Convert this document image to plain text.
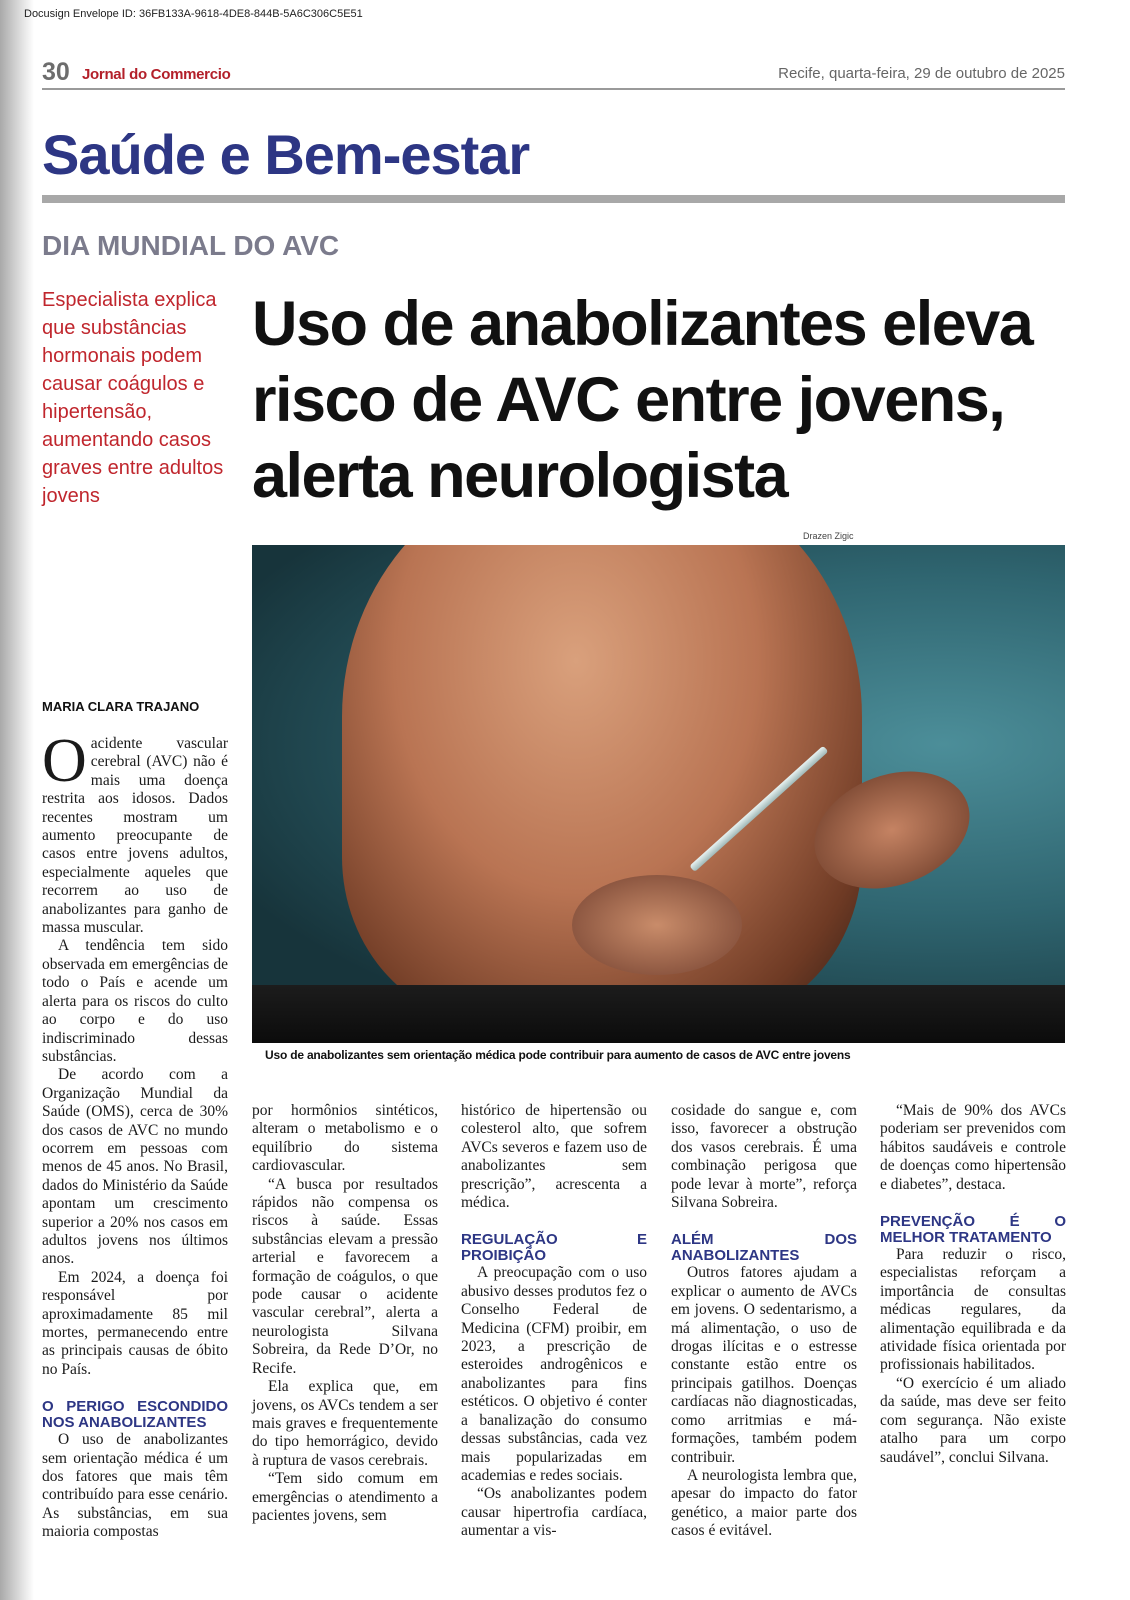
Docusign Envelope ID: 36FB133A-9618-4DE8-844B-5A6C306C5E51
30 Jornal do Commercio	Recife, quarta-feira, 29 de outubro de 2025
Saúde e Bem-estar
DIA MUNDIAL DO AVC
Especialista explica que substâncias hormonais podem causar coágulos e hipertensão, aumentando casos graves entre adultos jovens
Uso de anabolizantes eleva risco de AVC entre jovens, alerta neurologista
Drazen Zigic
Uso de anabolizantes sem orientação médica pode contribuir para aumento de casos de AVC entre jovens
MARIA CLARA TRAJANO

Oacidente vascular cerebral (AVC) não é mais uma doença restrita aos idosos. Dados recentes mostram um aumento preocupante de casos entre jovens adultos, especialmente aqueles que recorrem ao uso de anabolizantes para ganho de massa muscular.

A tendência tem sido observada em emergências de todo o País e acende um alerta para os riscos do culto ao corpo e do uso indiscriminado dessas substâncias.

De acordo com a Organização Mundial da Saúde (OMS), cerca de 30% dos casos de AVC no mundo ocorrem em pessoas com menos de 45 anos. No Brasil, dados do Ministério da Saúde apontam um crescimento superior a 20% nos casos em adultos jovens nos últimos anos.

Em 2024, a doença foi responsável por aproximadamente 85 mil mortes, permanecendo entre as principais causas de óbito no País.

O PERIGO ESCONDIDO NOS ANABOLIZANTES

O uso de anabolizantes sem orientação médica é um dos fatores que mais têm contribuído para esse cenário. As substâncias, em sua maioria compostas

por hormônios sintéticos, alteram o metabolismo e o equilíbrio do sistema cardiovascular.

“A busca por resultados rápidos não compensa os riscos à saúde. Essas substâncias elevam a pressão arterial e favorecem a formação de coágulos, o que pode causar o acidente vascular cerebral”, alerta a neurologista Silvana Sobreira, da Rede D’Or, no Recife.

Ela explica que, em jovens, os AVCs tendem a ser mais graves e frequentemente do tipo hemorrágico, devido à ruptura de vasos cerebrais.

“Tem sido comum em emergências o atendimento a pacientes jovens, sem

histórico de hipertensão ou colesterol alto, que sofrem AVCs severos e fazem uso de anabolizantes sem prescrição”, acrescenta a médica.

REGULAÇÃO E PROIBIÇÃO

A preocupação com o uso abusivo desses produtos fez o Conselho Federal de Medicina (CFM) proibir, em 2023, a prescrição de esteroides androgênicos e anabolizantes para fins estéticos. O objetivo é conter a banalização do consumo dessas substâncias, cada vez mais popularizadas em academias e redes sociais.

“Os anabolizantes podem causar hipertrofia cardíaca, aumentar a vis-

cosidade do sangue e, com isso, favorecer a obstrução dos vasos cerebrais. É uma combinação perigosa que pode levar à morte”, reforça Silvana Sobreira.

ALÉM DOS ANABOLIZANTES

Outros fatores ajudam a explicar o aumento de AVCs em jovens. O sedentarismo, a má alimentação, o uso de drogas ilícitas e o estresse constante estão entre os principais gatilhos. Doenças cardíacas não diagnosticadas, como arritmias e má-formações, também podem contribuir.

A neurologista lembra que, apesar do impacto do fator genético, a maior parte dos casos é evitável.

“Mais de 90% dos AVCs poderiam ser prevenidos com hábitos saudáveis e controle de doenças como hipertensão e diabetes”, destaca.

PREVENÇÃO É O MELHOR TRATAMENTO

Para reduzir o risco, especialistas reforçam a importância de consultas médicas regulares, da alimentação equilibrada e da atividade física orientada por profissionais habilitados.

“O exercício é um aliado da saúde, mas deve ser feito com segurança. Não existe atalho para um corpo saudável”, conclui Silvana.
